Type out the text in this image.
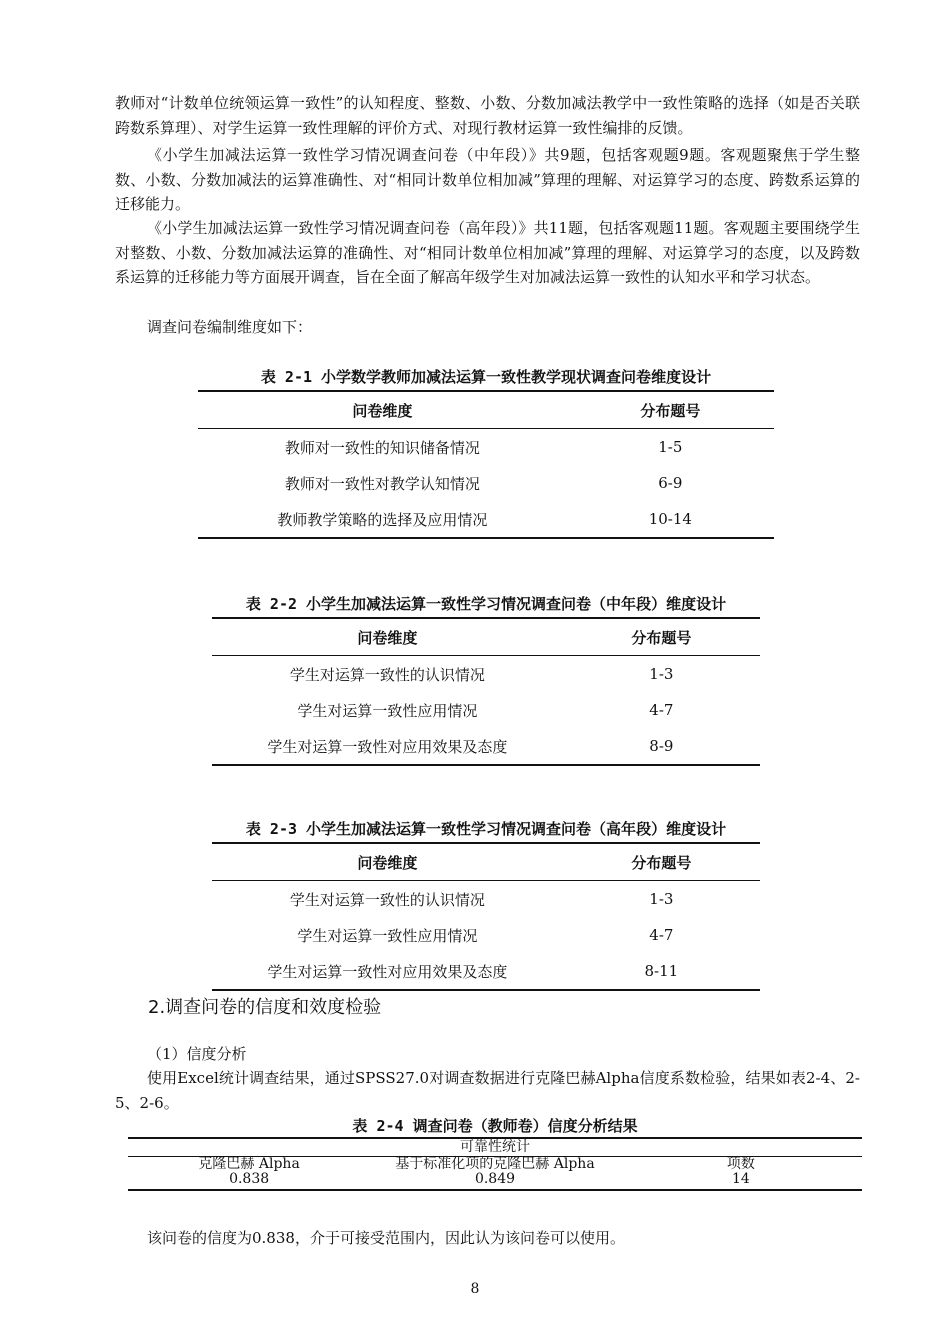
教师对“计数单位统领运算一致性”的认知程度、整数、小数、分数加减法教学中一致性策略的选择（如是否关联跨数系算理）、对学生运算一致性理解的评价方式、对现行教材运算一致性编排的反馈。

《小学生加减法运算一致性学习情况调查问卷（中年段）》共9题，包括客观题9题。客观题聚焦于学生整数、小数、分数加减法的运算准确性、对“相同计数单位相加减”算理的理解、对运算学习的态度、跨数系运算的迁移能力。

《小学生加减法运算一致性学习情况调查问卷（高年段）》共11题，包括客观题11题。客观题主要围绕学生对整数、小数、分数加减法运算的准确性、对“相同计数单位相加减”算理的理解、对运算学习的态度，以及跨数系运算的迁移能力等方面展开调查，旨在全面了解高年级学生对加减法运算一致性的认知水平和学习状态。

调查问卷编制维度如下：

表 2-1 小学数学教师加减法运算一致性教学现状调查问卷维度设计

问卷维度	分布题号
教师对一致性的知识储备情况	1-5
教师对一致性对教学认知情况	6-9
教师教学策略的选择及应用情况	10-14

表 2-2 小学生加减法运算一致性学习情况调查问卷（中年段）维度设计

问卷维度	分布题号
学生对运算一致性的认识情况	1-3
学生对运算一致性应用情况	4-7
学生对运算一致性对应用效果及态度	8-9

表 2-3 小学生加减法运算一致性学习情况调查问卷（高年段）维度设计

问卷维度	分布题号
学生对运算一致性的认识情况	1-3
学生对运算一致性应用情况	4-7
学生对运算一致性对应用效果及态度	8-11

2.调查问卷的信度和效度检验

（1）信度分析

使用Excel统计调查结果，通过SPSS27.0对调查数据进行克隆巴赫Alpha信度系数检验，结果如表2-4、2-5、2-6。

表 2-4 调查问卷（教师卷）信度分析结果

可靠性统计		
克隆巴赫 Alpha	基于标准化项的克隆巴赫 Alpha	项数
0.838	0.849	14

该问卷的信度为0.838，介于可接受范围内，因此认为该问卷可以使用。

8
